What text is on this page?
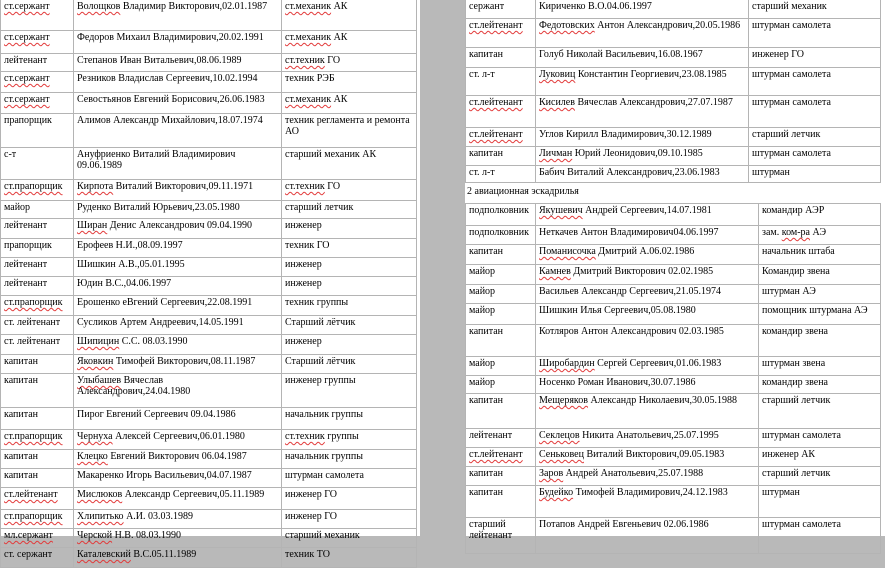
ст.сержант	Волощков Владимир Викторович,02.01.1987	ст.механик АК
ст.сержант	Федоров Михаил Владимирович,20.02.1991	ст.механик АК
лейтенант	Степанов Иван Витальевич,08.06.1989	ст.техник ГО
ст.сержант	Резников Владислав Сергеевич,10.02.1994	техник РЭБ
ст.сержант	Севостьянов Евгений Борисович,26.06.1983	ст.механик АК
прапорщик	Алимов Александр Михайлович,18.07.1974	техник регламента и ремонта АО
с-т	Ануфриенко Виталий Владимирович 09.06.1989	старший механик АК
ст.прапорщик	Кирпота Виталий Викторович,09.11.1971	ст.техник ГО
майор	Руденко Виталий Юрьевич,23.05.1980	старший летчик
лейтенант	Ширан Денис Александрович 09.04.1990	инженер
прапорщик	Ерофеев Н.И.,08.09.1997	техник ГО
лейтенант	Шишкин А.В.,05.01.1995	инженер
лейтенант	Юдин В.С.,04.06.1997	инженер
ст.прапорщик	Ерошенко еВгений Сергеевич,22.08.1991	техник группы
ст. лейтенант	Сусликов Артем Андреевич,14.05.1991	Старший лётчик
ст. лейтенант	Шипицин С.С. 08.03.1990	инженер
капитан	Яковкин Тимофей Викторович,08.11.1987	Старший лётчик
капитан	Улыбашев Вячеслав Александрович,24.04.1980	инженер группы
капитан	Пирог Евгений Сергеевич 09.04.1986	начальник группы
ст.прапорщик	Чернуха Алексей Сергеевич,06.01.1980	ст.техник группы
капитан	Клецко Евгений Викторович 06.04.1987	начальник группы
капитан	Макаренко Игорь Васильевич,04.07.1987	штурман самолета
ст.лейтенант	Мислюков Александр Сергеевич,05.11.1989	инженер ГО
ст.прапорщик	Хлипитько А.И. 03.03.1989	инженер ГО
мл.сержант	Черской Н.В. 08.03.1990	старший механик
ст. сержант	Каталевский В.С.05.11.1989	техник ТО
сержант	Кириченко В.О.04.06.1997	старший механик
ст.лейтенант	Федотовских Антон Александрович,20.05.1986	штурман самолета
капитан	Голуб Николай Васильевич,16.08.1967	инженер ГО
ст. л-т	Луковиц Константин Георгиевич,23.08.1985	штурман самолета
ст.лейтенант	Кисилев Вячеслав Александрович,27.07.1987	штурман самолета
ст.лейтенант	Углов Кирилл Владимирович,30.12.1989	старший летчик
капитан	Личман Юрий Леонидович,09.10.1985	штурман самолета
ст. л-т	Бабич Виталий Александрович,23.06.1983	штурман
2 авиационная эскадрилья
подполковник	Якушевич Андрей Сергеевич,14.07.1981	командир АЭР
подполковник	Неткачев Антон Владимирович04.06.1997	зам. ком-ра АЭ
капитан	Поманисочка Дмитрий А.06.02.1986	начальник штаба
майор	Камнев Дмитрий Викторович 02.02.1985	Командир звена
майор	Васильев Александр Сергеевич,21.05.1974	штурман АЭ
майор	Шишкин Илья Сергеевич,05.08.1980	помощник штурмана АЭ
капитан	Котляров Антон Александрович 02.03.1985	командир звена
майор	Широбардин Сергей Сергеевич,01.06.1983	штурман звена
майор	Носенко Роман Иванович,30.07.1986	командир звена
капитан	Мещеряков Александр Николаевич,30.05.1988	старший летчик
лейтенант	Секлецов Никита Анатольевич,25.07.1995	штурман самолета
ст.лейтенант	Сеньковец Виталий Викторович,09.05.1983	инженер АК
капитан	Заров Андрей Анатольевич,25.07.1988	старший летчик
капитан	Будейко Тимофей Владимирович,24.12.1983	штурман
старший лейтенант	Потапов Андрей Евгеньевич 02.06.1986	штурман самолета
